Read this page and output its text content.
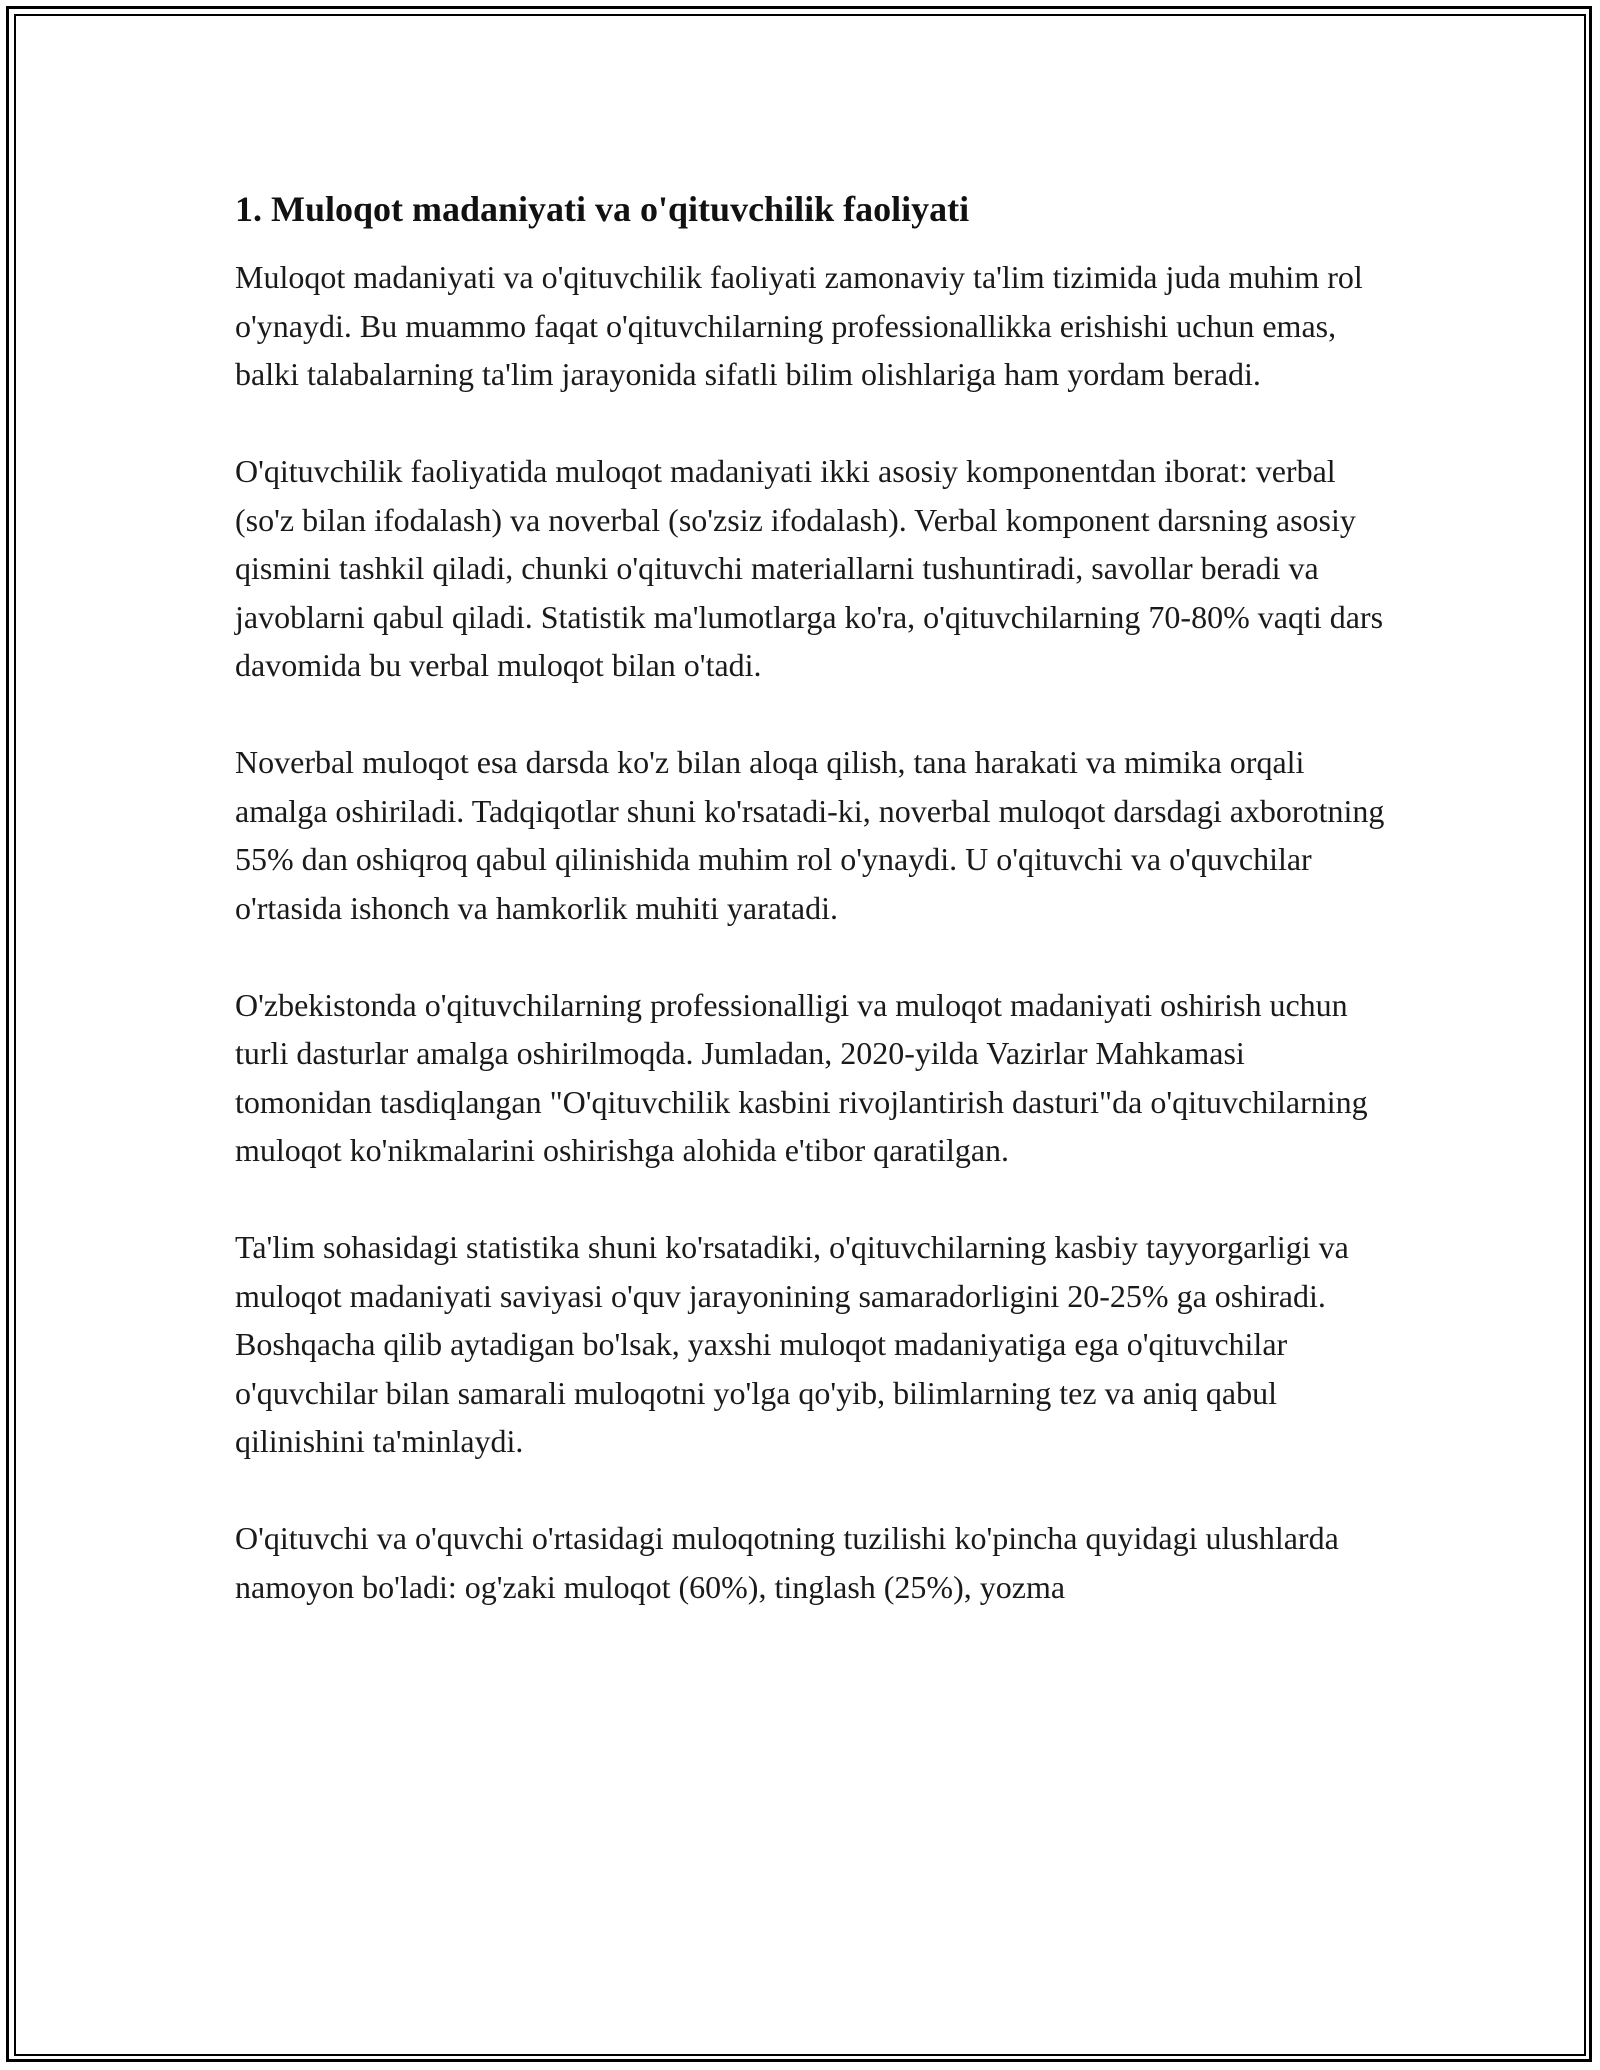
1. Muloqot madaniyati va o'qituvchilik faoliyati

Muloqot madaniyati va o'qituvchilik faoliyati zamonaviy ta'lim tizimida juda muhim rol o'ynaydi. Bu muammo faqat o'qituvchilarning professionallikka erishishi uchun emas, balki talabalarning ta'lim jarayonida sifatli bilim olishlariga ham yordam beradi.

O'qituvchilik faoliyatida muloqot madaniyati ikki asosiy komponentdan iborat: verbal (so'z bilan ifodalash) va noverbal (so'zsiz ifodalash). Verbal komponent darsning asosiy qismini tashkil qiladi, chunki o'qituvchi materiallarni tushuntiradi, savollar beradi va javoblarni qabul qiladi. Statistik ma'lumotlarga ko'ra, o'qituvchilarning 70-80% vaqti dars davomida bu verbal muloqot bilan o'tadi.

Noverbal muloqot esa darsda ko'z bilan aloqa qilish, tana harakati va mimika orqali amalga oshiriladi. Tadqiqotlar shuni ko'rsatadi-ki, noverbal muloqot darsdagi axborotning 55% dan oshiqroq qabul qilinishida muhim rol o'ynaydi. U o'qituvchi va o'quvchilar o'rtasida ishonch va hamkorlik muhiti yaratadi.

O'zbekistonda o'qituvchilarning professionalligi va muloqot madaniyati oshirish uchun turli dasturlar amalga oshirilmoqda. Jumladan, 2020-yilda Vazirlar Mahkamasi tomonidan tasdiqlangan "O'qituvchilik kasbini rivojlantirish dasturi"da o'qituvchilarning muloqot ko'nikmalarini oshirishga alohida e'tibor qaratilgan.

Ta'lim sohasidagi statistika shuni ko'rsatadiki, o'qituvchilarning kasbiy tayyorgarligi va muloqot madaniyati saviyasi o'quv jarayonining samaradorligini 20-25% ga oshiradi. Boshqacha qilib aytadigan bo'lsak, yaxshi muloqot madaniyatiga ega o'qituvchilar o'quvchilar bilan samarali muloqotni yo'lga qo'yib, bilimlarning tez va aniq qabul qilinishini ta'minlaydi.

O'qituvchi va o'quvchi o'rtasidagi muloqotning tuzilishi ko'pincha quyidagi ulushlarda namoyon bo'ladi: og'zaki muloqot (60%), tinglash (25%), yozma
